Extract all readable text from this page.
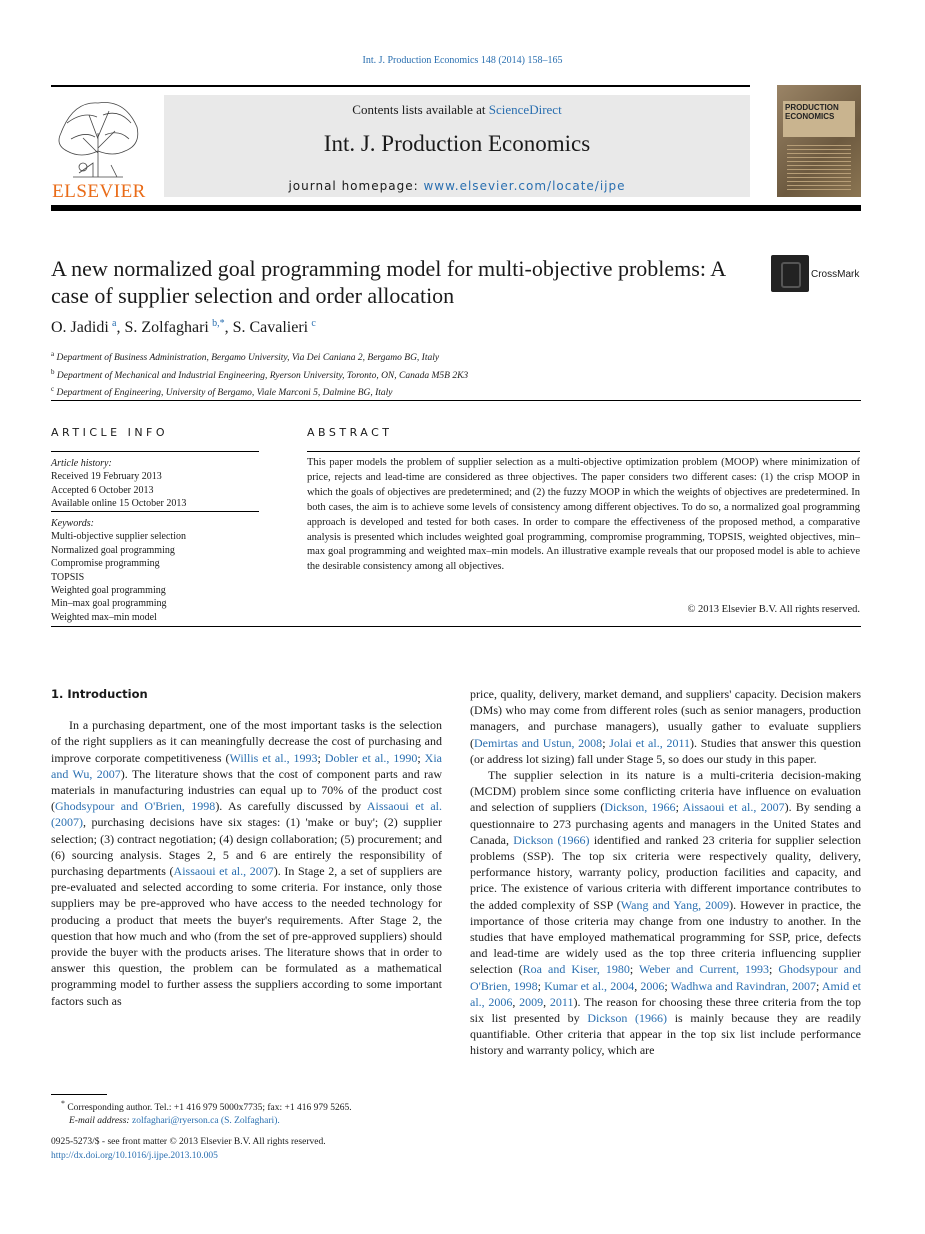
Int. J. Production Economics 148 (2014) 158–165
ELSEVIER
Contents lists available at ScienceDirect
Int. J. Production Economics
journal homepage: www.elsevier.com/locate/ijpe
PRODUCTION
ECONOMICS
A new normalized goal programming model for multi-objective problems: A case of supplier selection and order allocation
CrossMark
O. Jadidi  $^a$, S. Zolfaghari  $^{b,*}$, S. Cavalieri  $^c$
$^a$ Department of Business Administration, Bergamo University, Via Dei Caniana 2, Bergamo BG, Italy
$^b$ Department of Mechanical and Industrial Engineering, Ryerson University, Toronto, ON, Canada M5B 2K3
$^c$ Department of Engineering, University of Bergamo, Viale Marconi 5, Dalmine BG, Italy
ARTICLE INFO
Article history:
Received 19 February 2013
Accepted 6 October 2013
Available online 15 October 2013
Keywords:
Multi-objective supplier selection
Normalized goal programming
Compromise programming
TOPSIS
Weighted goal programming
Min–max goal programming
Weighted max–min model
ABSTRACT
This paper models the problem of supplier selection as a multi-objective optimization problem (MOOP) where minimization of price, rejects and lead-time are considered as three objectives. The paper considers two different cases: (1) the crisp MOOP in which the goals of objectives are predetermined; and (2) the fuzzy MOOP in which the weights of objectives are predetermined. In both cases, the aim is to achieve some levels of consistency among different objectives. To do so, a normalized goal programming approach is developed and tested for both cases. In order to compare the effectiveness of the proposed method, a comparative analysis is presented which includes weighted goal programming, compromise programming, TOPSIS, weighted objectives, min–max goal programming and weighted max–min models. An illustrative example reveals that our proposed model is able to achieve the desirable consistency among all objectives.
© 2013 Elsevier B.V. All rights reserved.
1. Introduction

In a purchasing department, one of the most important tasks is the selection of the right suppliers as it can meaningfully decrease the cost of purchasing and improve corporate competitiveness (Willis et al., 1993; Dobler et al., 1990; Xia and Wu, 2007). The literature shows that the cost of component parts and raw materials in manufacturing industries can equal up to 70% of the product cost (Ghodsypour and O'Brien, 1998). As carefully discussed by Aissaoui et al. (2007), purchasing decisions have six stages: (1) 'make or buy'; (2) supplier selection; (3) contract negotiation; (4) design collaboration; (5) procurement; and (6) sourcing analysis. Stages 2, 5 and 6 are entirely the responsibility of purchasing departments (Aissaoui et al., 2007). In Stage 2, a set of suppliers are pre-evaluated and selected according to some criteria. For instance, only those suppliers may be pre-approved who have access to the needed technology for producing a product that meets the buyer's requirements. After Stage 2, the question that how much and who (from the set of pre-approved suppliers) should provide the buyer with the products arises. The literature shows that in order to answer this question, the problem can be formulated as a mathematical programming model to further assess the suppliers according to some important factors such as

price, quality, delivery, market demand, and suppliers' capacity. Decision makers (DMs) who may come from different roles (such as senior managers, production managers, and purchase managers), usually gather to evaluate suppliers (Demirtas and Ustun, 2008; Jolai et al., 2011). Studies that answer this question (or address lot sizing) fall under Stage 5, so does our study in this paper.

The supplier selection in its nature is a multi-criteria decision-making (MCDM) problem since some conflicting criteria have influence on evaluation and selection of suppliers (Dickson, 1966; Aissaoui et al., 2007). By sending a questionnaire to 273 purchasing agents and managers in the United States and Canada, Dickson (1966) identified and ranked 23 criteria for supplier selection problems (SSP). The top six criteria were respectively quality, delivery, performance history, warranty policy, production facilities and capacity, and price. The existence of various criteria with different importance contributes to the added complexity of SSP (Wang and Yang, 2009). However in practice, the importance of those criteria may change from one industry to another. In the studies that have employed mathematical programming for SSP, price, defects and lead-time are widely used as the top three criteria influencing supplier selection (Roa and Kiser, 1980; Weber and Current, 1993; Ghodsypour and O'Brien, 1998; Kumar et al., 2004, 2006; Wadhwa and Ravindran, 2007; Amid et al., 2006, 2009, 2011). The reason for choosing these three criteria from the top six list presented by Dickson (1966) is mainly because they are readily quantifiable. Other criteria that appear in the top six list include performance history and warranty policy, which are

* Corresponding author. Tel.: +1 416 979 5000x7735; fax: +1 416 979 5265.
E-mail address: zolfaghari@ryerson.ca (S. Zolfaghari).
0925-5273/$ - see front matter © 2013 Elsevier B.V. All rights reserved.
http://dx.doi.org/10.1016/j.ijpe.2013.10.005
